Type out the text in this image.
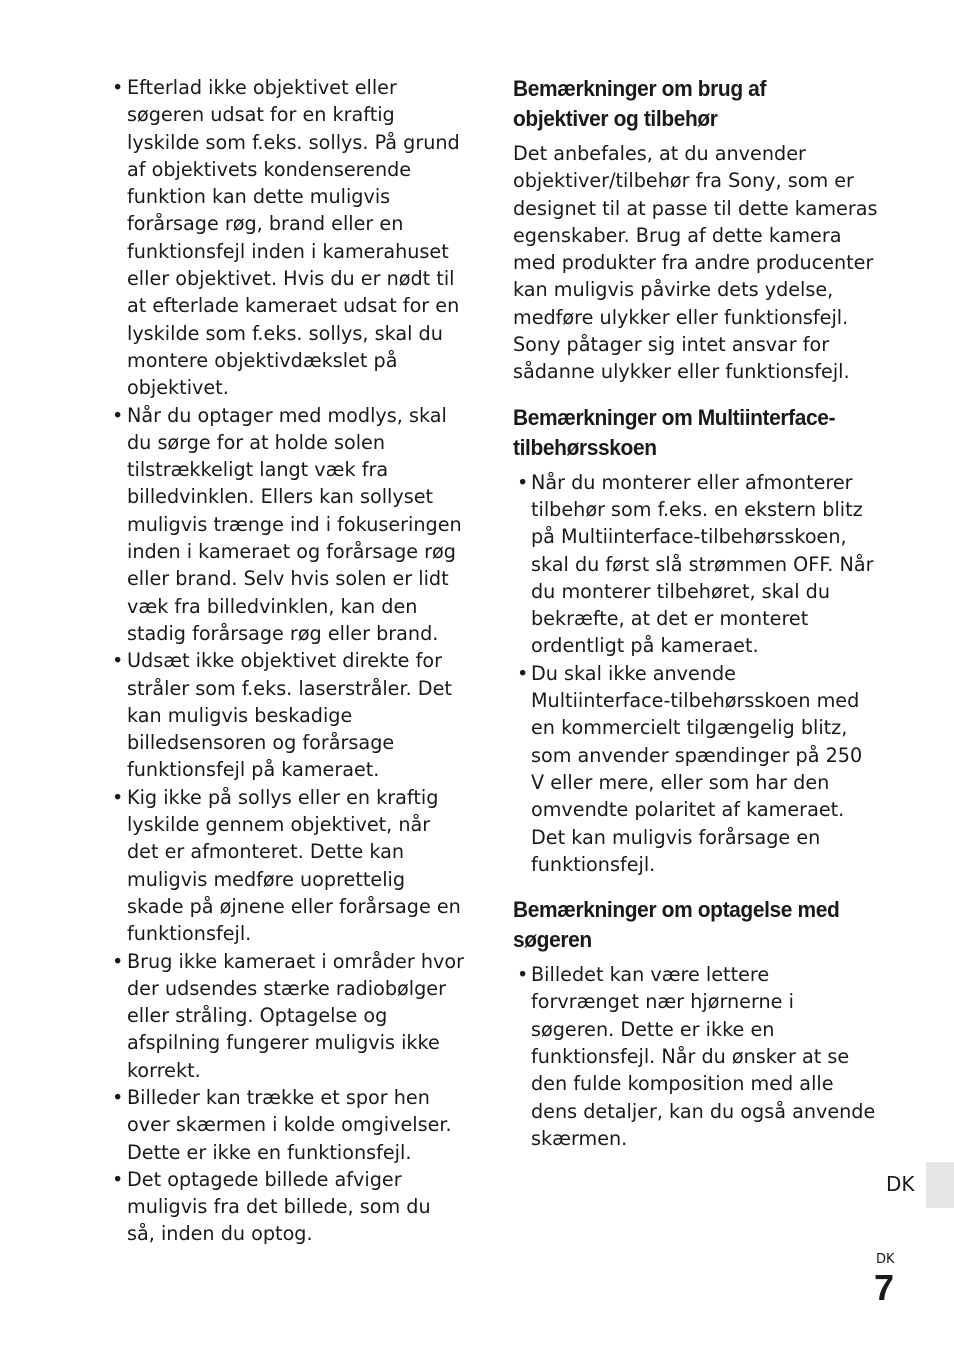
• Efterlad ikke objektivet eller søgeren udsat for en kraftig lyskilde som f.eks. sollys. På grund af objektivets kondenserende funktion kan dette muligvis forårsage røg, brand eller en funktionsfejl inden i kamerahuset eller objektivet. Hvis du er nødt til at efterlade kameraet udsat for en lyskilde som f.eks. sollys, skal du montere objektivdækslet på objektivet.
• Når du optager med modlys, skal du sørge for at holde solen tilstrækkeligt langt væk fra billedvinklen. Ellers kan sollyset muligvis trænge ind i fokuseringen inden i kameraet og forårsage røg eller brand. Selv hvis solen er lidt væk fra billedvinklen, kan den stadig forårsage røg eller brand.
• Udsæt ikke objektivet direkte for stråler som f.eks. laserstråler. Det kan muligvis beskadige billedsensoren og forårsage funktionsfejl på kameraet.
• Kig ikke på sollys eller en kraftig lyskilde gennem objektivet, når det er afmonteret. Dette kan muligvis medføre uoprettelig skade på øjnene eller forårsage en funktionsfejl.
• Brug ikke kameraet i områder hvor der udsendes stærke radiobølger eller stråling. Optagelse og afspilning fungerer muligvis ikke korrekt.
• Billeder kan trække et spor hen over skærmen i kolde omgivelser. Dette er ikke en funktionsfejl.
• Det optagede billede afviger muligvis fra det billede, som du så, inden du optog.
Bemærkninger om brug af
objektiver og tilbehør
Det anbefales, at du anvender objektiver/tilbehør fra Sony, som er designet til at passe til dette kameras egenskaber. Brug af dette kamera med produkter fra andre producenter kan muligvis påvirke dets ydelse, medføre ulykker eller funktionsfejl. Sony påtager sig intet ansvar for sådanne ulykker eller funktionsfejl.
Bemærkninger om Multiinterface-
tilbehørsskoen
• Når du monterer eller afmonterer tilbehør som f.eks. en ekstern blitz på Multiinterface-tilbehørsskoen, skal du først slå strømmen OFF. Når du monterer tilbehøret, skal du bekræfte, at det er monteret ordentligt på kameraet.
• Du skal ikke anvende Multiinterface-tilbehørsskoen med en kommercielt tilgængelig blitz, som anvender spændinger på 250 V eller mere, eller som har den omvendte polaritet af kameraet. Det kan muligvis forårsage en funktionsfejl.
Bemærkninger om optagelse med
søgeren
• Billedet kan være lettere forvrænget nær hjørnerne i søgeren. Dette er ikke en funktionsfejl. Når du ønsker at se den fulde komposition med alle dens detaljer, kan du også anvende skærmen.
DK
DK
7
